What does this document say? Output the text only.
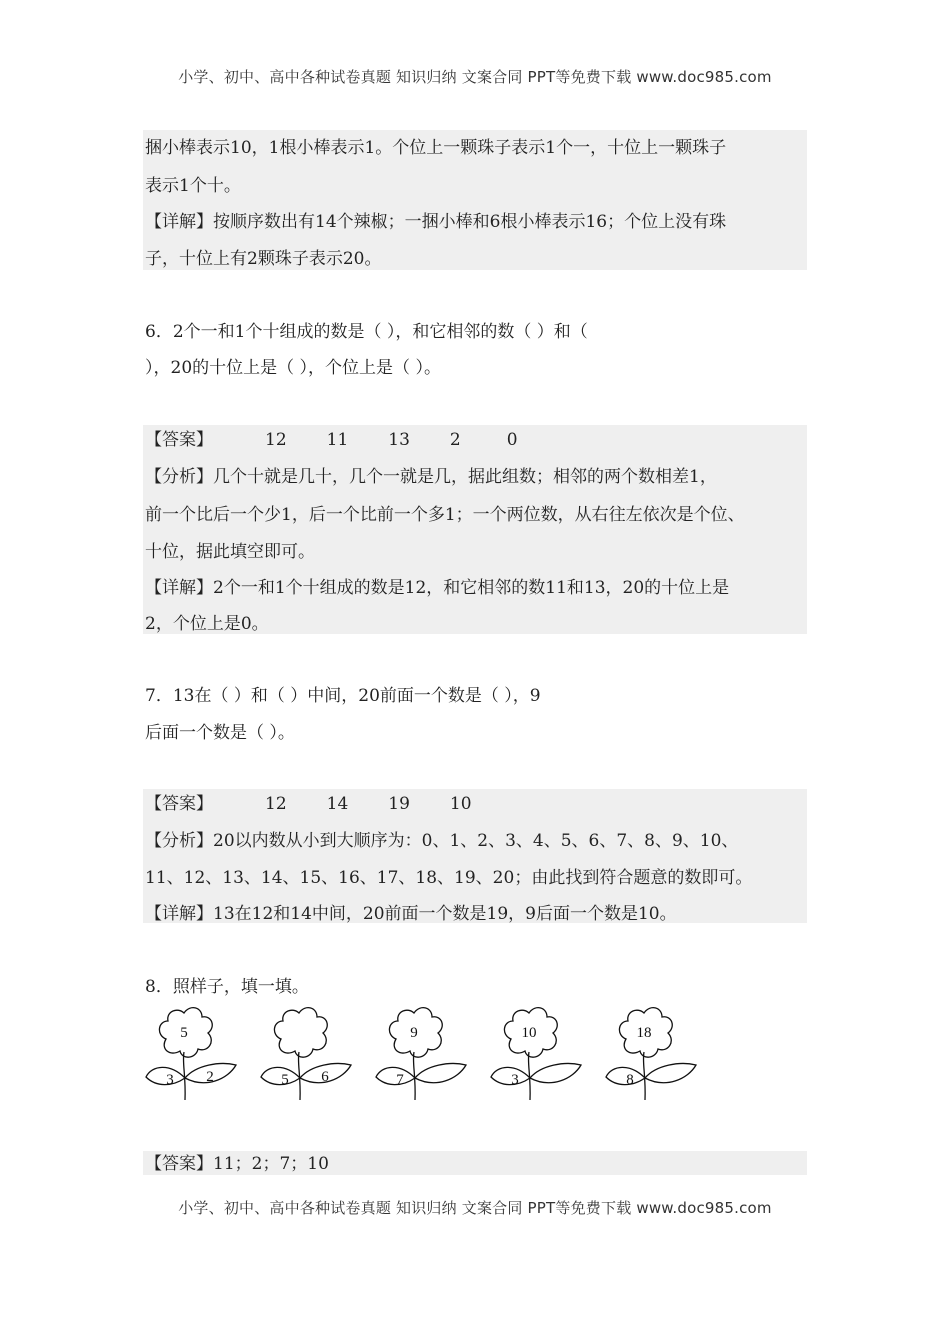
小学、初中、高中各种试卷真题 知识归纳 文案合同 PPT等免费下载 www.doc985.com
捆小棒表示10，1根小棒表示1。个位上一颗珠子表示1个一，十位上一颗珠子
表示1个十。
【详解】按顺序数出有14个辣椒；一捆小棒和6根小棒表示16；个位上没有珠
子，十位上有2颗珠子表示20。
6．2个一和1个十组成的数是（ ），和它相邻的数（ ）和（
），20的十位上是（ ），个位上是（ ）。
【答案】	12 11 13 2	0
【分析】几个十就是几十，几个一就是几，据此组数；相邻的两个数相差1，
前一个比后一个少1，后一个比前一个多1；一个两位数，从右往左依次是个位、
十位，据此填空即可。
【详解】2个一和1个十组成的数是12，和它相邻的数11和13，20的十位上是
2，个位上是0。
7．13在（ ）和（ ）中间，20前面一个数是（ ），9
后面一个数是（ ）。
【答案】	12 14 19 10
【分析】20以内数从小到大顺序为：0、1、2、3、4、5、6、7、8、9、10、
11、12、13、14、15、16、17、18、19、20；由此找到符合题意的数即可。
【详解】13在12和14中间，20前面一个数是19，9后面一个数是10。
8．照样子，填一填。
5
3 2	5 6
9
7
10
3
18
8
【答案】11；2；7；10
小学、初中、高中各种试卷真题 知识归纳 文案合同 PPT等免费下载 www.doc985.com
